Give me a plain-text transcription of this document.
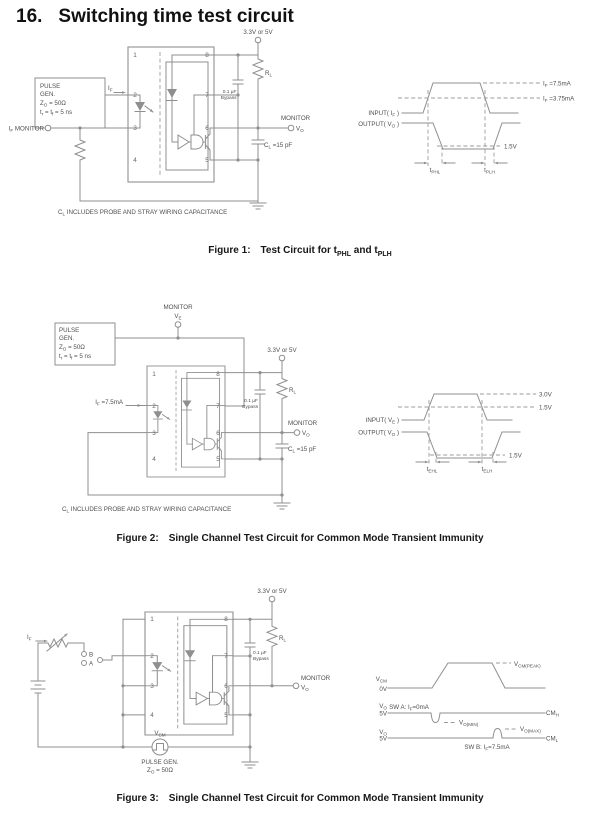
16. Switching time test circuit
1
2
3
4
8
7
6
5
3.3V or 5V
0.1 µF
Bypass
$R_L$
MONITOR
$V_O$
$C_L =15$ pF
PULSE
GEN.
$Z_O = 50\Omega$
$t_r = t_f = 5$ ns
$I_F$
$I_F$ MONITOR
$C_L$ INCLUDES PROBE AND STRAY WIRING CAPACITANCE
INPUT( $I_F$ )
$I_F =7.5mA$
$I_F =3.75mA$
OUTPUT( $V_O$ )
1.5V
$t_{PHL}$	$t_{PLH}$
Figure 1: Test Circuit for $t_{PHL}$ and $t_{PLH}$
1
2
3
4
8
7
6
5
MONITOR
$V_E$
PULSE
GEN.
$Z_O = 50\Omega$
$t_r = t_f = 5$ ns
$I_F =7.5mA$
3.3V or 5V
0.1 µF
Bypass
$R_L$
MONITOR
$V_O$
$C_L =15$ pF
$C_L$ INCLUDES PROBE AND STRAY WIRING CAPACITANCE
INPUT( $V_E$ )
3.0V
1.5V
OUTPUT( $V_O$ )
1.5V
$t_{EHL}$	$t_{ELH}$
Figure 2: Single Channel Test Circuit for Common Mode Transient Immunity
1
2
3
4
8
7
6
5
$I_F$
B
A
$V_{CM}$
PULSE GEN.
$Z_O = 50\Omega$
3.3V or 5V
0.1 µF
Bypass
$R_L$
MONITOR
$V_O$
$V_{CM}$
0V
$V_{CM(PEAK)}$
$V_O$
5V
SW A: $I_F=0mA$
$V_{O(MIN)}$
$CM_H$
$V_O$
5V
$V_{O(MAX)}$
SW B: $I_F=7.5mA$
$CM_L$
Figure 3: Single Channel Test Circuit for Common Mode Transient Immunity
